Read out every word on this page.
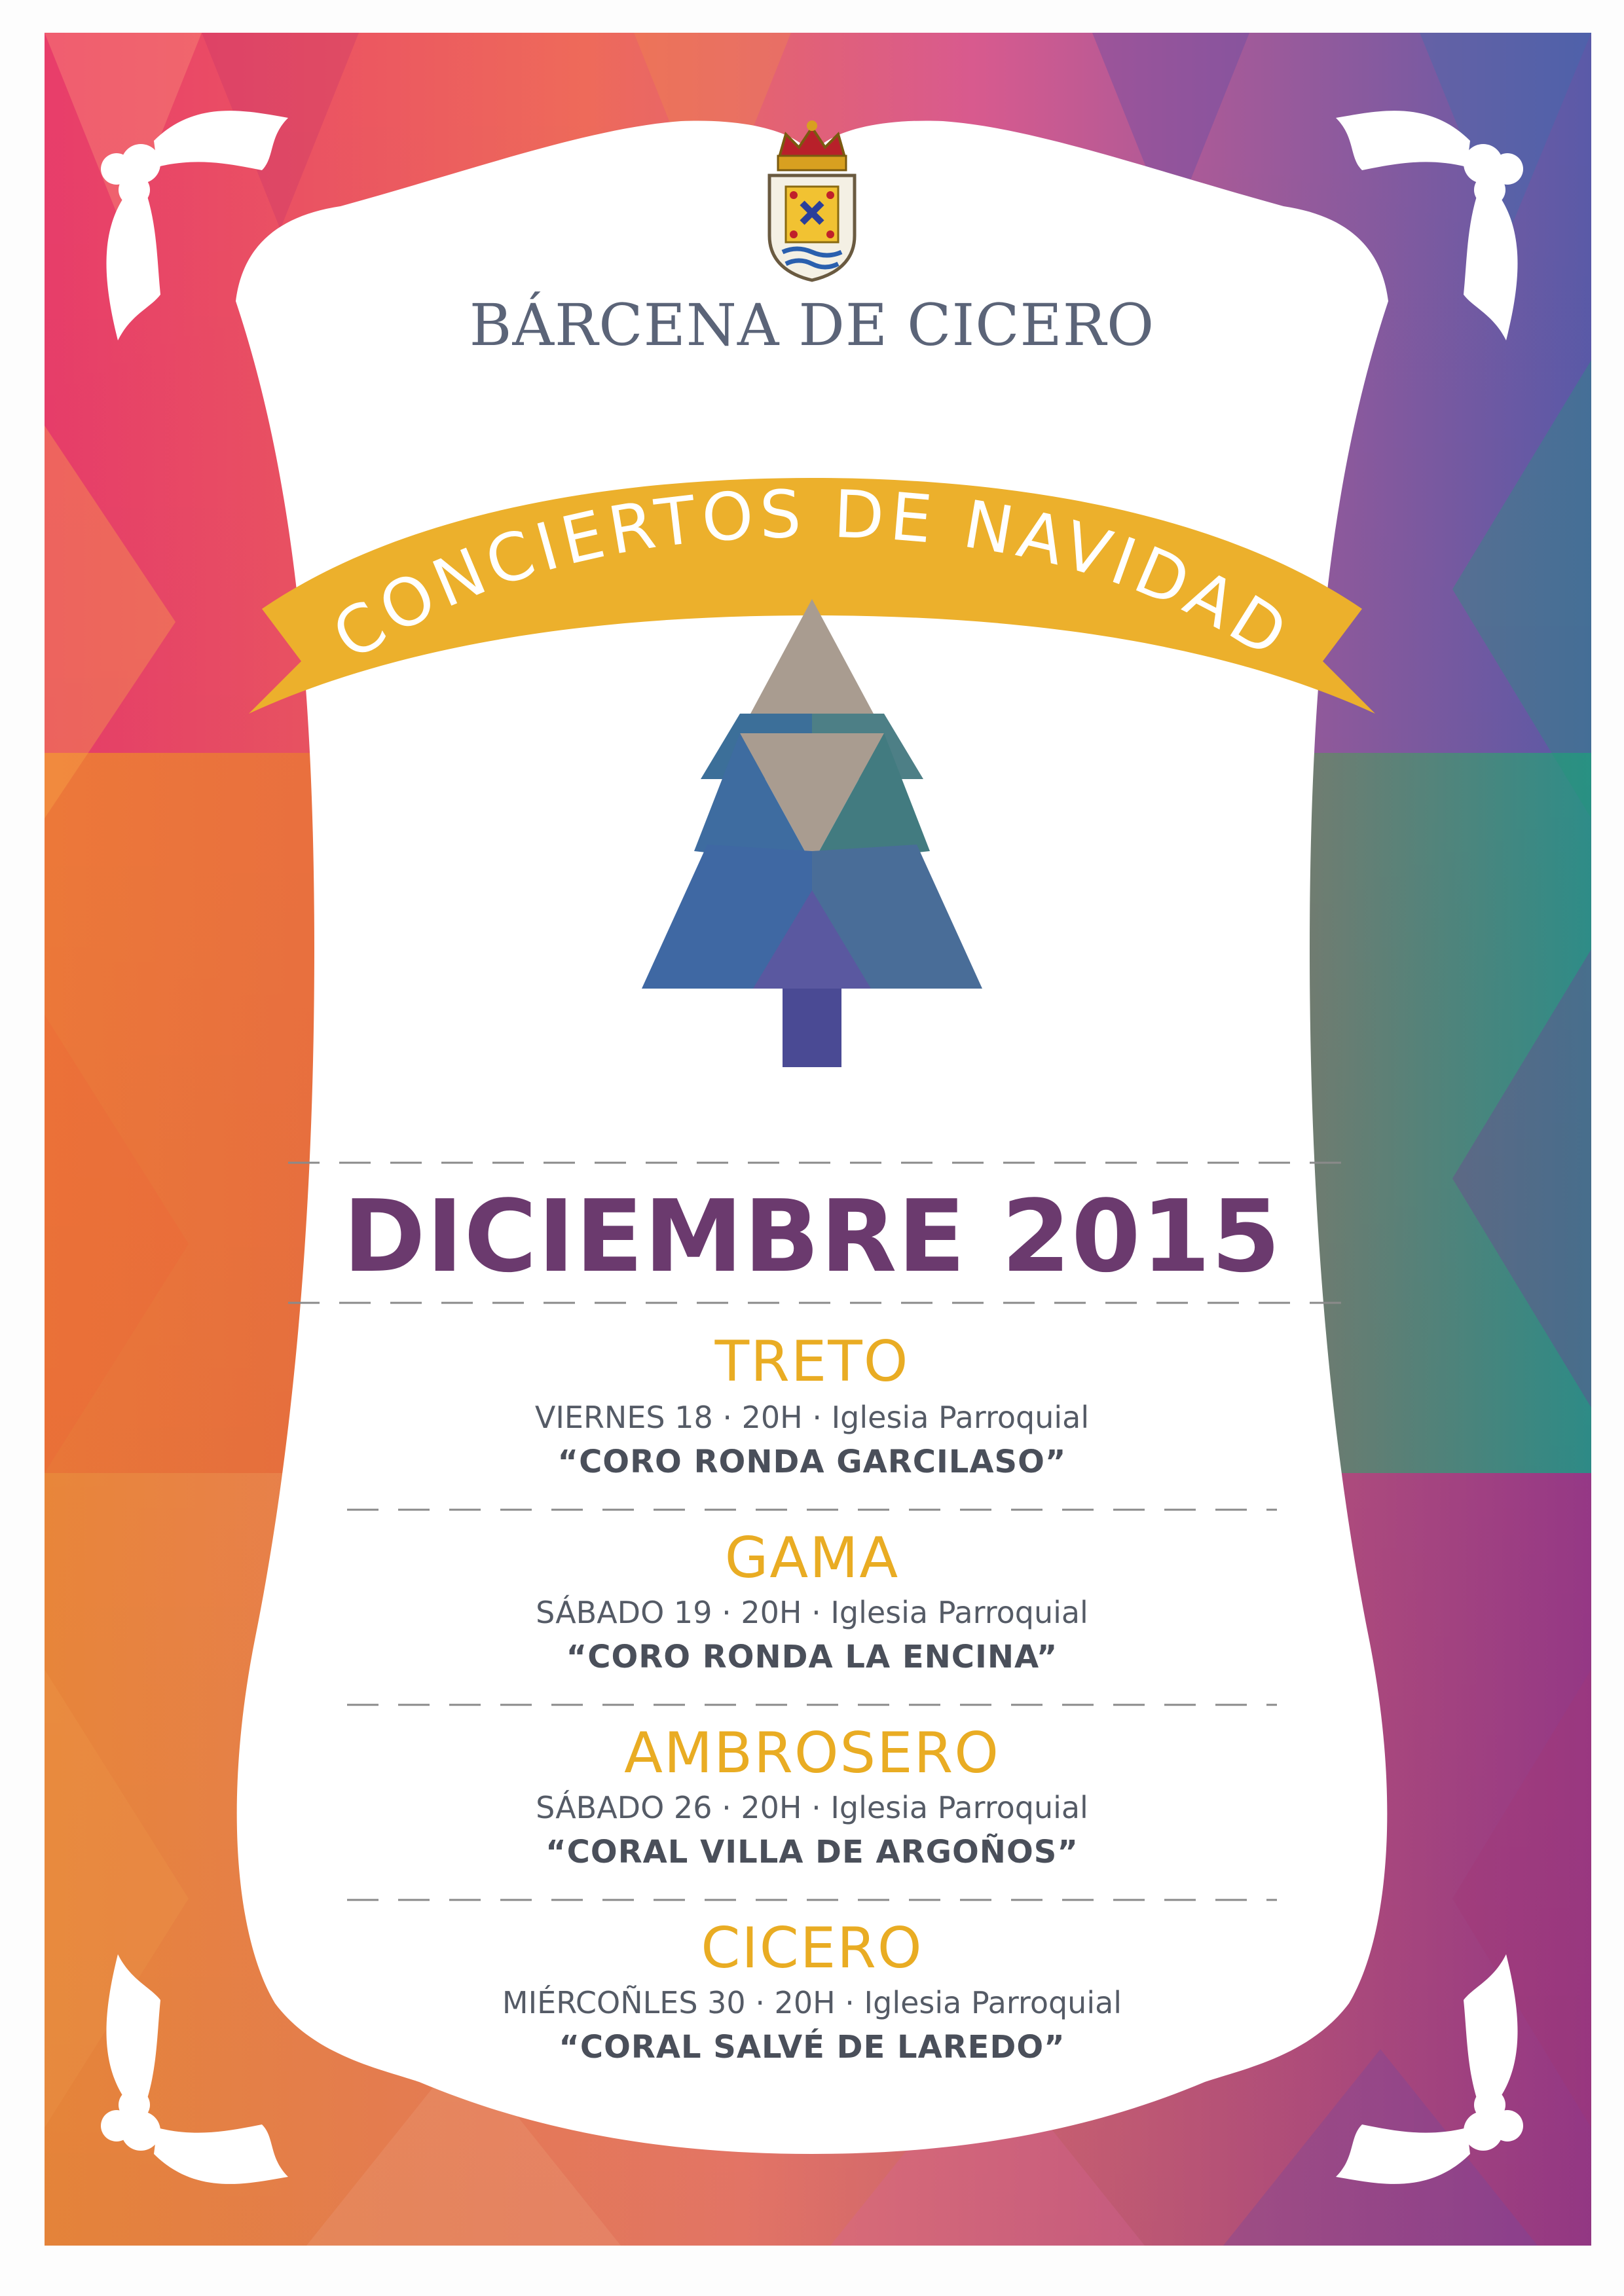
CONCIERTOS DE NAVIDAD
BÁRCENA DE CICERO
DICIEMBRE 2015
TRETO
VIERNES 18 · 20H · Iglesia Parroquial
“CORO RONDA GARCILASO”
GAMA
SÁBADO 19 · 20H · Iglesia Parroquial
“CORO RONDA LA ENCINA”
AMBROSERO
SÁBADO 26 · 20H · Iglesia Parroquial
“CORAL VILLA DE ARGOÑOS”
CICERO
MIÉRCOÑLES 30 · 20H · Iglesia Parroquial
“CORAL SALVÉ DE LAREDO”
